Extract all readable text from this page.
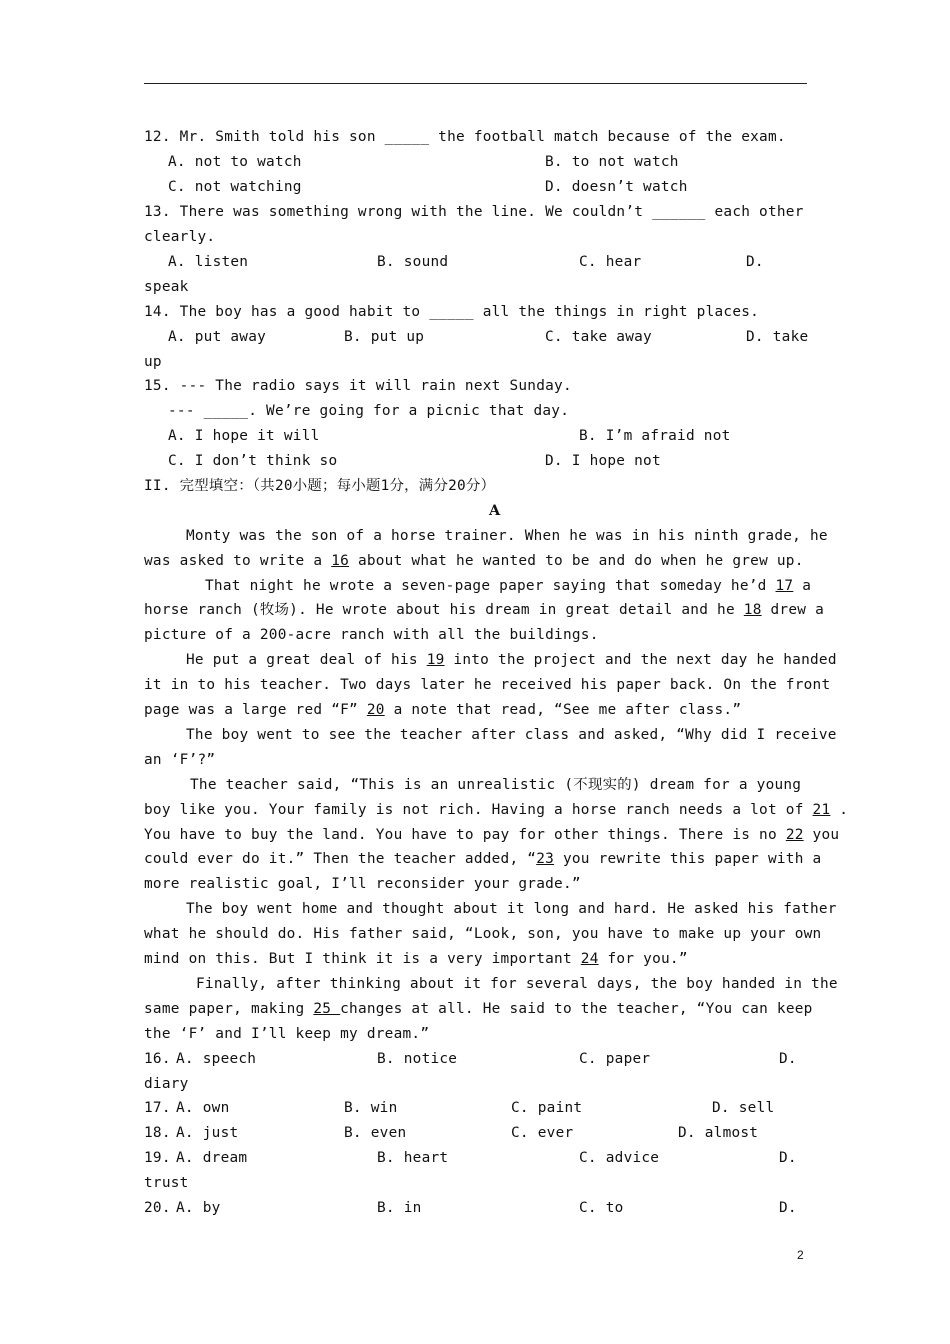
12. Mr. Smith told his son _____ the football match because of the exam.
A. not to watch	B. to not watch
C. not watching	D. doesn’t watch
13. There was something wrong with the line. We couldn’t ______ each other
clearly.
A. listen	B. sound	C. hear	D.
speak
14. The boy has a good habit to _____ all the things in right places.
A. put away	B. put up	C. take away	D. take
up
15. --- The radio says it will rain next Sunday.
--- _____. We’re going for a picnic that day.
A. I hope it will	B. I’m afraid not
C. I don’t think so	D. I hope not
II. 完型填空：（共20小题；每小题1分，满分20分）
A
Monty was the son of a horse trainer. When he was in his ninth grade, he
was asked to write a 16 about what he wanted to be and do when he grew up.
That night he wrote a seven-page paper saying that someday he’d 17 a
horse ranch (牧场). He wrote about his dream in great detail and he 18 drew a
picture of a 200-acre ranch with all the buildings.
He put a great deal of his 19 into the project and the next day he handed
it in to his teacher. Two days later he received his paper back. On the front
page was a large red “F” 20 a note that read, “See me after class.”
The boy went to see the teacher after class and asked, “Why did I receive
an ‘F’?”
The teacher said, “This is an unrealistic (不现实的) dream for a young
boy like you. Your family is not rich. Having a horse ranch needs a lot of 21 .
You have to buy the land. You have to pay for other things. There is no 22 you
could ever do it.” Then the teacher added, “23 you rewrite this paper with a
more realistic goal, I’ll reconsider your grade.”
The boy went home and thought about it long and hard. He asked his father
what he should do. His father said, “Look, son, you have to make up your own
mind on this. But I think it is a very important 24 for you.”
Finally, after thinking about it for several days, the boy handed in the
same paper, making 25 changes at all. He said to the teacher, “You can keep
the ‘F’ and I’ll keep my dream.”
16. A. speech	B. notice	C. paper	D.
diary
17. A. own	B. win	C. paint	D. sell
18. A. just	B. even	C. ever	D. almost
19. A. dream	B. heart	C. advice	D.
trust
20. A. by	B. in	C. to	D.
2
